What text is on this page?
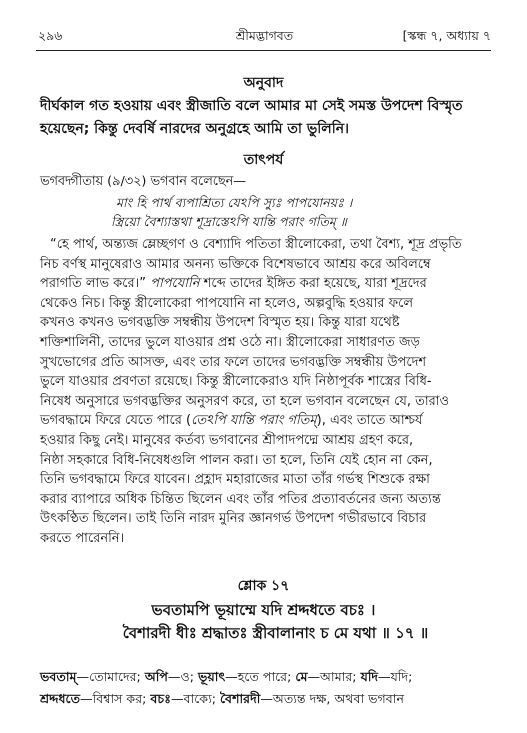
২৯৬	শ্রীমদ্ভাগবত	[স্কন্ধ ৭, অধ্যায় ৭
অনুবাদ
দীর্ঘকাল গত হওয়ায় এবং স্ত্রীজাতি বলে আমার মা সেই সমস্ত উপদেশ বিস্মৃত
হয়েছেন; কিন্তু দেবর্ষি নারদের অনুগ্রহে আমি তা ভুলিনি।
তাৎপর্য
ভগবদ্গীতায় (৯/৩২) ভগবান বলেছেন—
মাং হি পার্থ ব্যপাশ্রিত্য যেঽপি স্যুঃ পাপযোনয়ঃ ।
স্ত্রিয়ো বৈশ্যাস্তথা শূদ্রাস্তেঽপি যান্তি পরাং গতিম্ ॥
“হে পার্থ, অন্ত্যজ ম্লেচ্ছগণ ও বেশ্যাদি পতিতা স্ত্রীলোকেরা, তথা বৈশ্য, শূদ্র প্রভৃতি
নিচ বর্ণস্থ মানুষেরাও আমার অনন্য ভক্তিকে বিশেষভাবে আশ্রয় করে অবিলম্বে
পরাগতি লাভ করে।” পাপযোনি শব্দে তাদের ইঙ্গিত করা হয়েছে, যারা শূদ্রদের
থেকেও নিচ। কিন্তু স্ত্রীলোকেরা পাপযোনি না হলেও, অল্পবুদ্ধি হওয়ার ফলে
কখনও কখনও ভগবদ্ভক্তি সম্বন্ধীয় উপদেশ বিস্মৃত হয়। কিন্তু যারা যথেষ্ট
শক্তিশালিনী, তাদের ভুলে যাওয়ার প্রশ্ন ওঠে না। স্ত্রীলোকেরা সাধারণত জড়
সুখভোগের প্রতি আসক্ত, এবং তার ফলে তাদের ভগবদ্ভক্তি সম্বন্ধীয় উপদেশ
ভুলে যাওয়ার প্রবণতা রয়েছে। কিন্তু স্ত্রীলোকেরাও যদি নিষ্ঠাপূর্বক শাস্ত্রের বিধি-
নিষেধ অনুসারে ভগবদ্ভক্তির অনুসরণ করে, তা হলে ভগবান বলেছেন যে, তারাও
ভগবদ্ধামে ফিরে যেতে পারে (তেঽপি যান্তি পরাং গতিম্), এবং তাতে আশ্চর্য
হওয়ার কিছু নেই। মানুষের কর্তব্য ভগবানের শ্রীপাদপদ্মে আশ্রয় গ্রহণ করে,
নিষ্ঠা সহকারে বিধি-নিষেধগুলি পালন করা। তা হলে, তিনি যেই হোন না কেন,
তিনি ভগবদ্ধামে ফিরে যাবেন। প্রহ্লাদ মহারাজের মাতা তাঁর গর্ভস্থ শিশুকে রক্ষা
করার ব্যাপারে অধিক চিন্তিত ছিলেন এবং তাঁর পতির প্রত্যাবর্তনের জন্য অত্যন্ত
উৎকণ্ঠিত ছিলেন। তাই তিনি নারদ মুনির জ্ঞানগর্ভ উপদেশ গভীরভাবে বিচার
করতে পারেননি।
শ্লোক ১৭
ভবতামপি ভূয়াম্মে যদি শ্রদ্দধতে বচঃ ।
বৈশারদী ধীঃ শ্রদ্ধাতঃ স্ত্রীবালানাং চ মে যথা ॥ ১৭ ॥
ভবতাম্—তোমাদের; অপি—ও; ভূয়াৎ—হতে পারে; মে—আমার; যদি—যদি;
শ্রদ্দধতে—বিশ্বাস কর; বচঃ—বাক্যে; বৈশারদী—অত্যন্ত দক্ষ, অথবা ভগবান
